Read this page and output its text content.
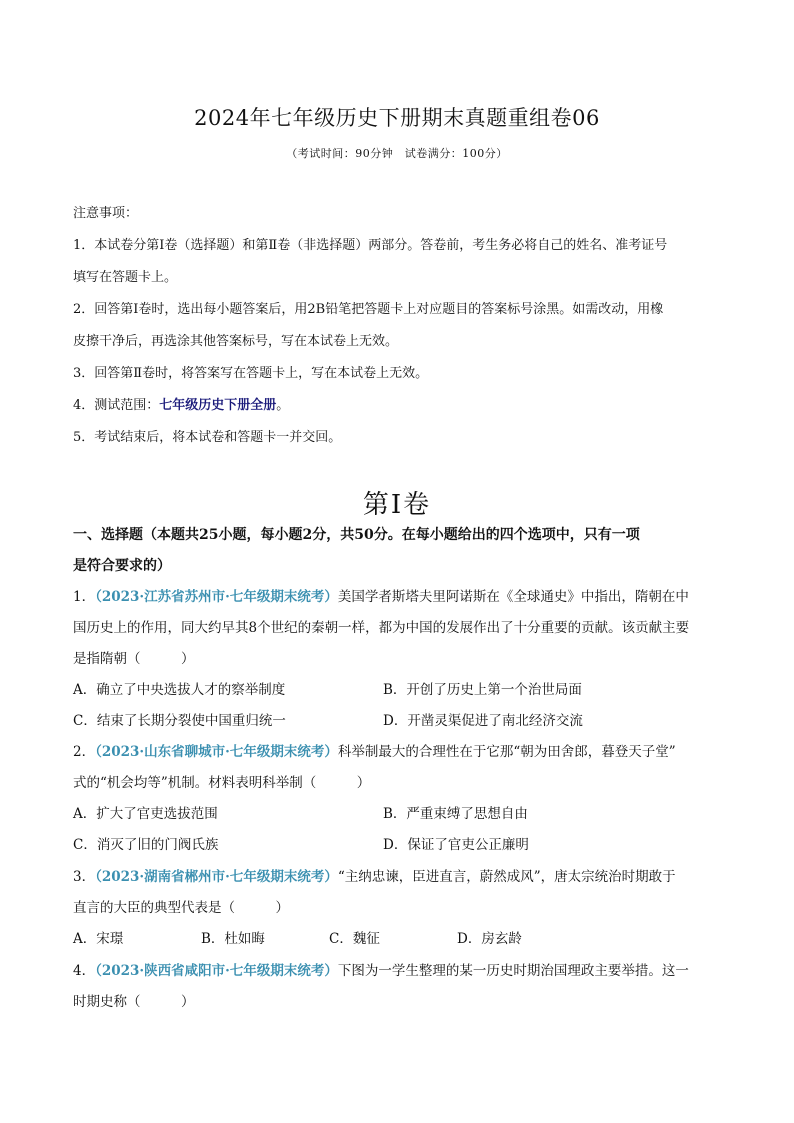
2024年七年级历史下册期末真题重组卷06
（考试时间：90分钟　试卷满分：100分）
注意事项：
1．本试卷分第Ⅰ卷（选择题）和第Ⅱ卷（非选择题）两部分。答卷前，考生务必将自己的姓名、准考证号
填写在答题卡上。
2．回答第Ⅰ卷时，选出每小题答案后，用2B铅笔把答题卡上对应题目的答案标号涂黑。如需改动，用橡
皮擦干净后，再选涂其他答案标号，写在本试卷上无效。
3．回答第Ⅱ卷时，将答案写在答题卡上，写在本试卷上无效。
4．测试范围：七年级历史下册全册。
5．考试结束后，将本试卷和答题卡一并交回。
第Ⅰ卷
一、选择题（本题共25小题，每小题2分，共50分。在每小题给出的四个选项中，只有一项
是符合要求的）
1．（2023·江苏省苏州市·七年级期末统考）美国学者斯塔夫里阿诺斯在《全球通史》中指出，隋朝在中
国历史上的作用，同大约早其8个世纪的秦朝一样，都为中国的发展作出了十分重要的贡献。该贡献主要
是指隋朝（　　　）
A．确立了中央选拔人才的察举制度	B．开创了历史上第一个治世局面
C．结束了长期分裂使中国重归统一	D．开凿灵渠促进了南北经济交流
2．（2023·山东省聊城市·七年级期末统考）科举制最大的合理性在于它那“朝为田舍郎，暮登天子堂”
式的“机会均等”机制。材料表明科举制（　　　）
A．扩大了官吏选拔范围	B．严重束缚了思想自由
C．消灭了旧的门阀氏族	D．保证了官吏公正廉明
3．（2023·湖南省郴州市·七年级期末统考）“主纳忠谏，臣进直言，蔚然成风”，唐太宗统治时期敢于
直言的大臣的典型代表是（　　　）
A．宋璟	B．杜如晦	C．魏征	D．房玄龄
4．（2023·陕西省咸阳市·七年级期末统考）下图为一学生整理的某一历史时期治国理政主要举措。这一
时期史称（　　　）
